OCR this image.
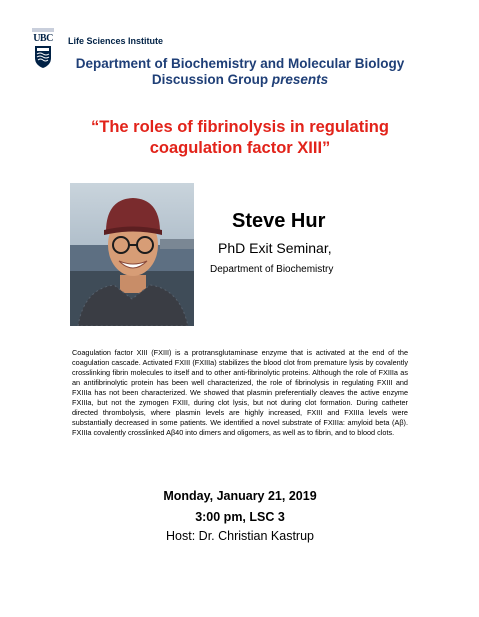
UBC Life Sciences Institute
Department of Biochemistry and Molecular Biology
Discussion Group presents
“The roles of fibrinolysis in regulating
coagulation factor XIII”
Steve Hur
PhD Exit Seminar,
Department of Biochemistry
Coagulation factor XIII (FXIII) is a protransglutaminase enzyme that is activated at the end of the coagulation cascade. Activated FXIII (FXIIIa) stabilizes the blood clot from premature lysis by covalently crosslinking fibrin molecules to itself and to other anti-fibrinolytic proteins. Although the role of FXIIIa as an antifibrinolytic protein has been well characterized, the role of fibrinolysis in regulating FXIII and FXIIIa has not been characterized. We showed that plasmin preferentially cleaves the active enzyme FXIIIa, but not the zymogen FXIII, during clot lysis, but not during clot formation. During catheter directed thrombolysis, where plasmin levels are highly increased, FXIII and FXIIIa levels were substantially decreased in some patients. We identified a novel substrate of FXIIIa: amyloid beta (Aβ). FXIIIa covalently crosslinked Aβ40 into dimers and oligomers, as well as to fibrin, and to blood clots.
Monday, January 21, 2019
3:00 pm, LSC 3
Host: Dr. Christian Kastrup
